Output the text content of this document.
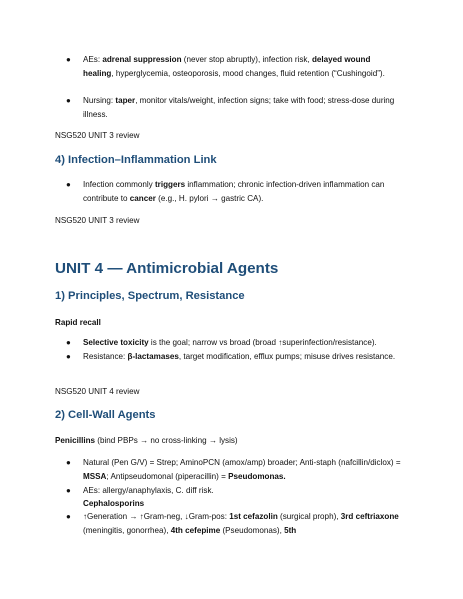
● AEs: adrenal suppression (never stop abruptly), infection risk, delayed wound healing, hyperglycemia, osteoporosis, mood changes, fluid retention (“Cushingoid”).
● Nursing: taper, monitor vitals/weight, infection signs; take with food; stress-dose during illness.
NSG520 UNIT 3 review
4) Infection–Inflammation Link
● Infection commonly triggers inflammation; chronic infection-driven inflammation can contribute to cancer (e.g., H. pylori → gastric CA).
NSG520 UNIT 3 review
UNIT 4 — Antimicrobial Agents
1) Principles, Spectrum, Resistance
Rapid recall
● Selective toxicity is the goal; narrow vs broad (broad ↑superinfection/resistance).
● Resistance: β-lactamases, target modification, efflux pumps; misuse drives resistance.
NSG520 UNIT 4 review
2) Cell-Wall Agents
Penicillins (bind PBPs → no cross-linking → lysis)
● Natural (Pen G/V) = Strep; AminoPCN (amox/amp) broader; Anti-staph (nafcillin/diclox) = MSSA; Antipseudomonal (piperacillin) = Pseudomonas.
● AEs: allergy/anaphylaxis, C. diff risk.
Cephalosporins
● ↑Generation → ↑Gram-neg, ↓Gram-pos: 1st cefazolin (surgical proph), 3rd ceftriaxone (meningitis, gonorrhea), 4th cefepime (Pseudomonas), 5th
